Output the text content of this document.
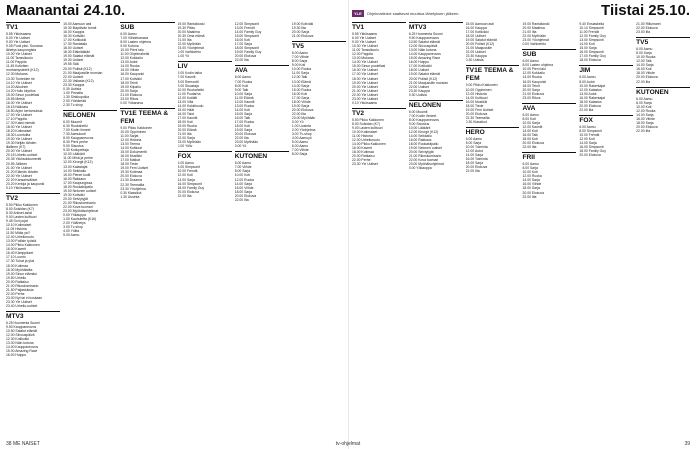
Maanantai 24.10.	YLE	Ohjelmatiedot saattavat muuttua lähetyksen jälkeen.	Tiistai 25.10.
TV1
5.55 Ykkösaamu
6.00 Yle Uutiset
9.00 Yle Uutiset
9.05 Puoli yksi. Suorana
lähetys kaupungista
10.00 Yle Uutiset
11.00 Tanssikoulu
11.00 Pappila
11.45 Kotiväen
murhamysteerit (K12)
12.30 Mukana
13.30 Tunteiden tie
14.10 Yle Uutiset
14.20 Aikuinen
14.20 Hullu kirjoitus
15.00 Sinun puolellasi
15.55 Metsä
16.00 Yle Uutiset
16.15 Näköala
16.50 Arjen kertomuksia
17.00 Yle Uutiset
17.10 Pappila
17.30 Kaksi miestä
18.00 Yle Uutiset
18.20 Kotimaiset
18.30 Luontoilta
19.00 Yle Uutiset
19.30 Neljän tähden
illallinen (K7)
20.00 Yle Uutiset
20.15 Urheilu-uutiset
20.35 Ykkösdokumentti
20.55 Jälkeen
21.00 Yle Uutiset
21.20 Elämän tähden
22.00 Yle Uutiset
22.20 Kansainväliset
23.20 Kertoja ja kaupunki
0.10 Ykkösaamu
TV2
5.50 Pikku Kakkonen
8.00 Solsidan (K7)
8.30 Arkiset asiat
9.00 Lasten kulttuuri
9.45 Sori pojat
10.10 Kotimaiset
11.05 Historia
11.50 Mitäs ysi?
12.40 Urheiluruutu
13.00 Poliisin työstä
14.00 Pikku Kakkonen
16.00 Kaverit
16.40 Kämppikset
17.10 Luonto
17.30 Tuhat ja yksi
18.00 Kotimaa
18.30 Myöhäisilta
19.00 Sinun elämäsi
19.50 Urheilu
20.00 Ratkaisu
21.00 Rikoskomisario
21.50 Paljastuksia
22.00 Perhe
23.00 Nyt tai ei koskaan
23.30 Yle Uutiset
23.40 Urheilu-uutiset
MTV3
6.25 Huomenta Suomi
9.50 Kauppaneuvos
10.50 Salatut elämät
12.00 Siivouspäivä
12.30 Kotikokki
13.00 Näin kotona
14.00 Kauppaneuvos
15.00 Amazing Race
16.00 Huippu
15.00 Aamuun asti
15.30 Iltapäivän tunnit
16.00 Kauppa
16.30 Kotiväki
17.00 Kotikokki
17.30 Rantatalo
18.00 Uutiset
18.30 Eläinlääkäri
19.00 Salatut elämät
19.30 Uutiset
19.55 Sää
20.00 Poliisit (K12)
21.00 Maajussille morsian
22.00 Uutiset
22.30 Vallasta (K12)
23.30 Kauppa
0.30 Uutisia
1.00 Pinnalla
1.30 Sinkkupoika
2.00 Yöelämää
2.30 Tv-shop
NELONEN
6.00 Muumit
6.30 Ruokahetki
7.00 Kodin ihmeet
7.30 Aamutunti
8.00 Kauppaneuvos
8.30 Pieni perhe
9.00 Sisustus
9.30 Kotiopettaja
10.00 Lääkärit
11.00 Minä ja perhe
12.00 Kirurgit (K12)
13.00 Kalastajat
14.00 Seikkailu
15.00 Pienet kodit
16.00 Rakkaus
17.00 Kaupungissa
18.00 Ruokakilpailu
19.00 Nelonen uutiset
19.30 Kotiväki
20.00 Selviytyjät
21.00 Rikoskomisario
22.00 Kova tuomari
23.00 Myöhäisohjelmat
0.00 Yökauppa
1.00 Kauhuleffa (K16)
2.00 Yölähetys
3.00 Tv-shop
4.00 Yöilta
5.00 Aamu
SUB
6.00 Aamu
7.00 Viihdekanava
8.00 Lasten ohjelma
9.00 Kotona
10.00 Pieni talo
11.00 Ohjelmahetki
12.00 Kokkailu
13.00 Autot
14.00 Ruoka
15.00 Viihde
16.00 Kaupunki
17.00 Kotiväki
18.00 Teinit
19.00 Kilpailu
20.00 Sarja
21.00 Elokuva
23.00 Rikos
0.00 Yökanava
TV1E TEEMA & FEM
9.00 Pikku Kakkonen
10.00 Oppiminen
11.00 Sarjat
12.00 Historia
13.00 Teema
14.00 Kulttuuri
15.00 Dokumentti
16.00 Musiikki
17.00 Matkat
18.00 Tiede
19.00 Fem Uutiset
19.30 Kotimaa
20.00 Elokuva
21.30 Draama
22.30 Teemailta
23.30 Yöohjelma
0.30 Klassikot
1.30 Uusinta
19.00 Rantakioski
19.30 Pikku
20.00 Maailma
20.30 Oma elämä
21.00 Ilta
22.00 Myöhään
23.00 Yöohjelmat
0.00 Vaihtoehto
1.00 Yö
LIV
6.00 Kodin taika
7.00 Kauniit
8.00 Remontti
9.00 Sisustaja
10.00 Ruokahetki
11.00 Puutarha
12.00 Kotiäiti
13.00 Villa
14.00 Kokkikoulu
15.00 Häät
16.00 Talot
17.00 Kauniit
18.00 Koti
19.00 Ruoka
20.00 Elämä
21.00 Ilta
22.00 Sarja
23.00 Myöhään
0.00 Yöliv
FOX
6.00 Aamu
8.00 Simpsonit
10.00 Frendit
12.00 Koti
14.00 Sarja
16.00 Simpsonit
18.00 Family Guy
20.00 Elokuva
22.00 Ilta
12.00 Simpsonit
13.00 Frendit
14.00 Family Guy
15.00 Simpsonit
16.00 Koti
17.00 Sarja
18.00 Simpsonit
19.00 Family Guy
20.00 Elokuva
22.00 Ilta
AVA
6.00 Aamu
7.00 Ruoka
8.00 Koti
9.00 Talk
10.00 Sarja
11.00 Elämä
12.00 Kauniit
13.00 Ruoka
14.00 Koti
15.00 Sarja
16.00 Talk
17.00 Ruoka
18.00 Koti
19.00 Sarja
20.00 Elokuva
22.00 Ilta
23.00 Myöhään
0.00 Yö
KUTONEN
6.00 Aamu
7.00 Viihde
8.00 Sarja
10.00 Koti
12.00 Ruoka
14.00 Sarja
16.00 Viihde
18.00 Sarja
20.00 Elokuva
22.00 Ilta
19.00 Kotiväki
19.30 Ilta
20.00 Sarja
21.00 Elokuva
TV5
6.00 Aamu
7.00 Viihde
8.00 Sarja
9.00 Koti
10.00 Ruoka
11.00 Sarja
12.00 Talk
13.00 Elämä
14.00 Sarja
15.00 Ruoka
16.00 Koti
17.00 Sarja
18.00 Viihde
19.00 Sarja
20.00 Elokuva
22.00 Ilta
23.00 Myöhään
0.00 Yö
1.00 Uusinta
2.00 Yöohjelma
3.00 Tv-shop
4.00 Aamuyö
5.00 Aamu
6.00 Aamu
7.00 Viihde
8.00 Sarja
TV1
5.55 Ykkösaamu
6.00 Yle Uutiset
9.00 Yle Uutiset
10.00 Yle Uutiset
11.00 Tanssikoulu
12.00 Pappila
13.00 Mukana
14.00 Yle Uutiset
15.00 Sinun puolellasi
16.00 Yle Uutiset
17.00 Yle Uutiset
18.00 Yle Uutiset
19.00 Yle Uutiset
20.00 Yle Uutiset
21.00 Yle Uutiset
22.00 Yle Uutiset
23.00 Yle Uutiset
0.10 Ykkösaamu
TV2
5.50 Pikku Kakkonen
8.00 Solsidan (K7)
9.00 Lasten kulttuuri
10.00 Kotimaiset
11.00 Historia
12.00 Urheiluruutu
14.00 Pikku Kakkonen
16.00 Kaverit
18.00 Kotimaa
20.00 Ratkaisu
22.00 Perhe
23.30 Yle Uutiset
MTV3
6.25 Huomenta Suomi
9.50 Kauppaneuvos
10.50 Salatut elämät
12.00 Siivouspäivä
13.00 Näin kotona
14.00 Kauppaneuvos
15.00 Amazing Race
16.00 Huippu
17.00 Kotikokki
18.00 Uutiset
19.00 Salatut elämät
20.00 Poliisit (K12)
21.00 Maajussille morsian
22.00 Uutiset
23.30 Kauppa
0.30 Uutisia
NELONEN
6.00 Muumit
7.00 Kodin ihmeet
8.00 Kauppaneuvos
9.00 Sisustus
10.00 Lääkärit
12.00 Kirurgit (K12)
14.00 Seikkailu
16.00 Rakkaus
18.00 Ruokakilpailu
19.00 Nelonen uutiset
20.00 Selviytyjät
21.00 Rikoskomisario
22.00 Kova tuomari
23.00 Myöhäisohjelmat
0.00 Yökauppa
15.00 Aamuun asti
16.00 Kauppa
17.00 Kotikokki
18.00 Uutiset
19.00 Salatut elämät
20.00 Poliisit (K12)
21.00 Maajussille
22.00 Uutiset
23.30 Kauppa
0.30 Uutisia
TV1E TEEMA & FEM
9.00 Pikku Kakkonen
10.00 Oppiminen
12.00 Historia
14.00 Kulttuuri
16.00 Musiikki
18.00 Tiede
19.00 Fem Uutiset
20.00 Elokuva
22.30 Teemailta
0.30 Klassikot
HERO
6.00 Aamu
8.00 Sarja
10.00 Toiminta
12.00 Autot
14.00 Sarja
16.00 Toiminta
18.00 Sarja
20.00 Elokuva
22.00 Ilta
19.00 Rantakioski
20.00 Maailma
21.00 Ilta
22.00 Myöhään
23.00 Yöohjelmat
0.00 Vaihtoehto
SUB
6.00 Aamu
8.00 Lasten ohjelma
10.00 Pieni talo
12.00 Kokkailu
14.00 Ruoka
16.00 Kaupunki
18.00 Teinit
20.00 Sarja
21.00 Elokuva
23.00 Rikos
AVA
6.00 Aamu
8.00 Koti
10.00 Sarja
12.00 Kauniit
14.00 Koti
16.00 Talk
18.00 Koti
20.00 Elokuva
22.00 Ilta
FRII
6.00 Aamu
8.00 Sarja
10.00 Koti
12.00 Ruoka
14.00 Sarja
16.00 Viihde
18.00 Sarja
20.00 Elokuva
22.00 Ilta
9.40 Ensiaskelia
10.10 Simpsonit
11.00 Frendit
12.00 Family Guy
13.00 Simpsonit
14.00 Koti
15.00 Sarja
16.00 Simpsonit
17.00 Family Guy
18.00 Elokuva
JIM
6.00 Aamu
8.00 Autot
10.00 Rakentajat
12.00 Kalastus
14.00 Autot
16.00 Rakentajat
18.00 Kalastus
20.00 Elokuva
22.00 Ilta
FOX
6.00 Aamu
8.00 Simpsonit
10.00 Frendit
12.00 Koti
14.00 Sarja
16.00 Simpsonit
18.00 Family Guy
20.00 Elokuva
21.00 Rillumarei
22.00 Elokuva
23.00 Ilta
TV5
6.00 Aamu
8.00 Sarja
10.00 Ruoka
12.00 Talk
14.00 Sarja
16.00 Koti
18.00 Viihde
20.00 Elokuva
22.00 Ilta
KUTONEN
6.00 Aamu
8.00 Sarja
10.00 Koti
12.00 Ruoka
14.00 Sarja
16.00 Viihde
18.00 Sarja
20.00 Elokuva
22.00 Ilta
38 ME NAISET	tv-ohjelmat	39
